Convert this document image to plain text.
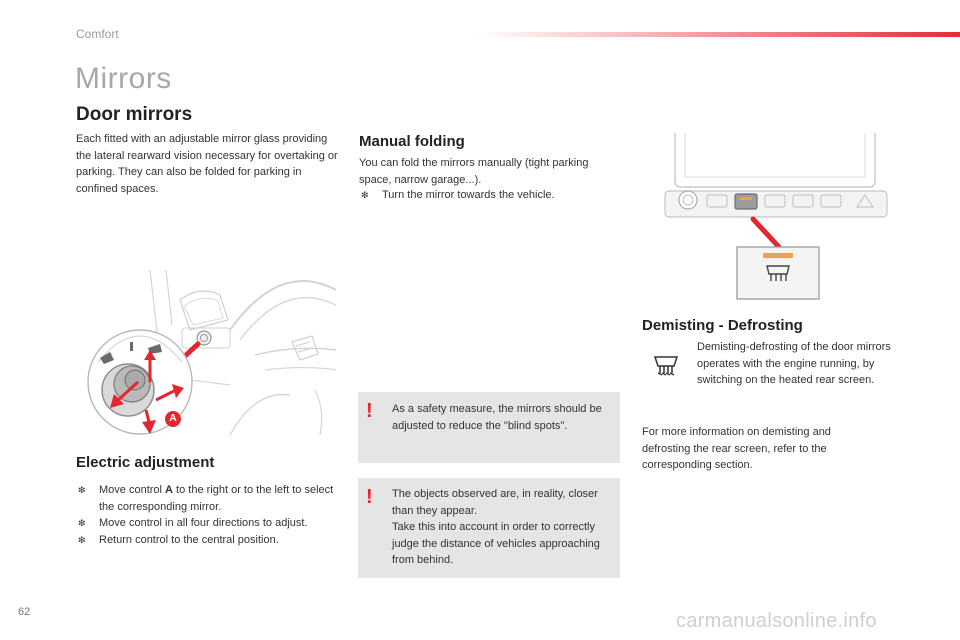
Comfort
Mirrors
Door mirrors
Each fitted with an adjustable mirror glass providing the lateral rearward vision necessary for overtaking or parking. They can also be folded for parking in confined spaces.
A
Electric adjustment
❇ Move control A to the right or to the left to select the corresponding mirror.
❇ Move control in all four directions to adjust.
❇ Return control to the central position.
Manual folding
You can fold the mirrors manually (tight parking space, narrow garage...).
❇ Turn the mirror towards the vehicle.
! As a safety measure, the mirrors should be adjusted to reduce the "blind spots".
! The objects observed are, in reality, closer than they appear.
Take this into account in order to correctly judge the distance of vehicles approaching from behind.
Demisting - Defrosting
Demisting-defrosting of the door mirrors operates with the engine running, by switching on the heated rear screen.
For more information on demisting and defrosting the rear screen, refer to the corresponding section.
62	carmanualsonline.info
